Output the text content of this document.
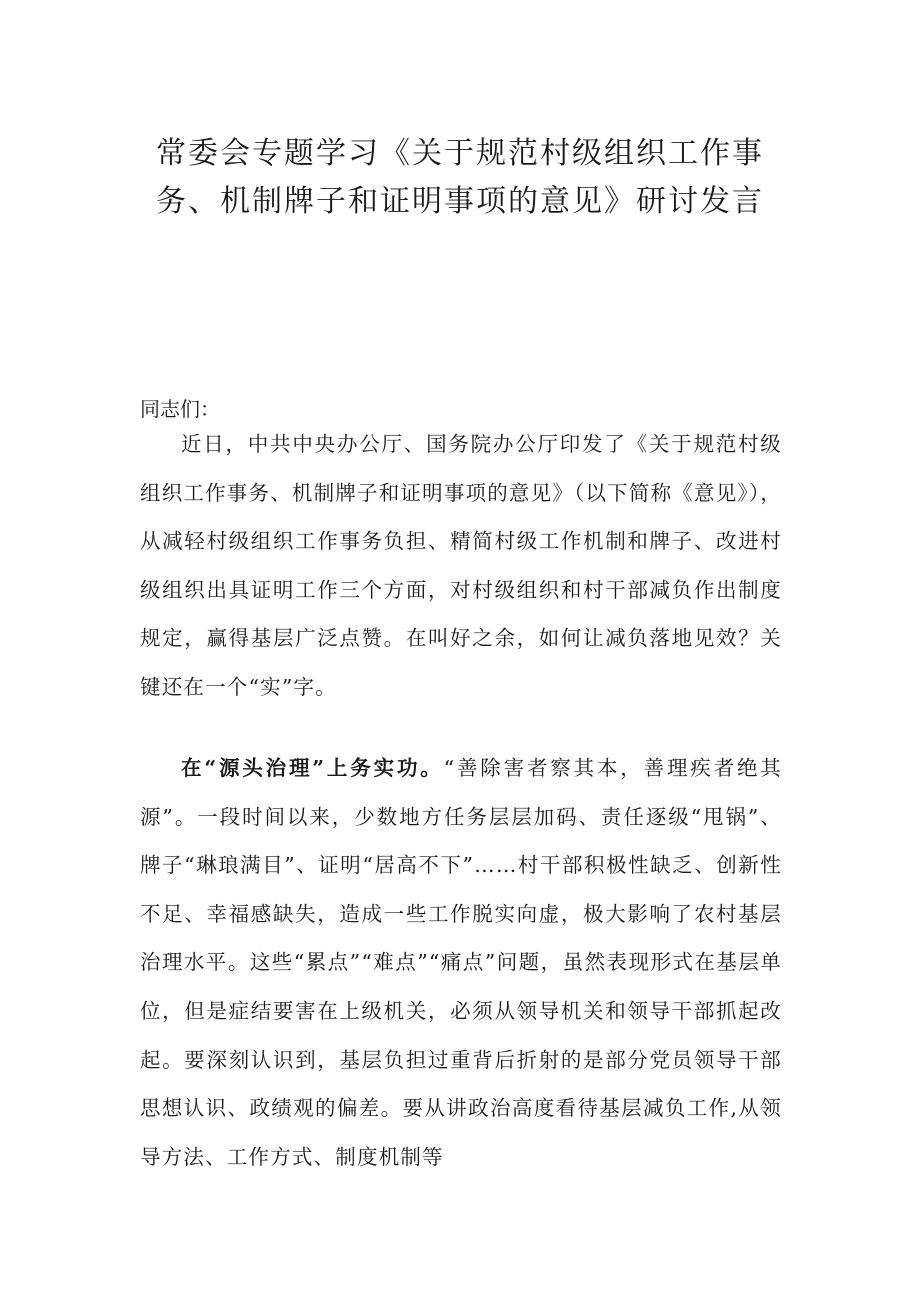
常委会专题学习《关于规范村级组织工作事
务、机制牌子和证明事项的意见》研讨发言

同志们：

近日，中共中央办公厅、国务院办公厅印发了《关于规范村级组织工作事务、机制牌子和证明事项的意见》（以下简称《意见》），从减轻村级组织工作事务负担、精简村级工作机制和牌子、改进村级组织出具证明工作三个方面，对村级组织和村干部减负作出制度规定，赢得基层广泛点赞。在叫好之余，如何让减负落地见效？关键还在一个“实”字。

在“源头治理”上务实功。“善除害者察其本，善理疾者绝其源”。一段时间以来，少数地方任务层层加码、责任逐级“甩锅”、牌子“琳琅满目”、证明“居高不下”……村干部积极性缺乏、创新性不足、幸福感缺失，造成一些工作脱实向虚，极大影响了农村基层治理水平。这些“累点”“难点”“痛点”问题，虽然表现形式在基层单位，但是症结要害在上级机关，必须从领导机关和领导干部抓起改起。要深刻认识到，基层负担过重背后折射的是部分党员领导干部思想认识、政绩观的偏差。要从讲政治高度看待基层减负工作,从领导方法、工作方式、制度机制等
